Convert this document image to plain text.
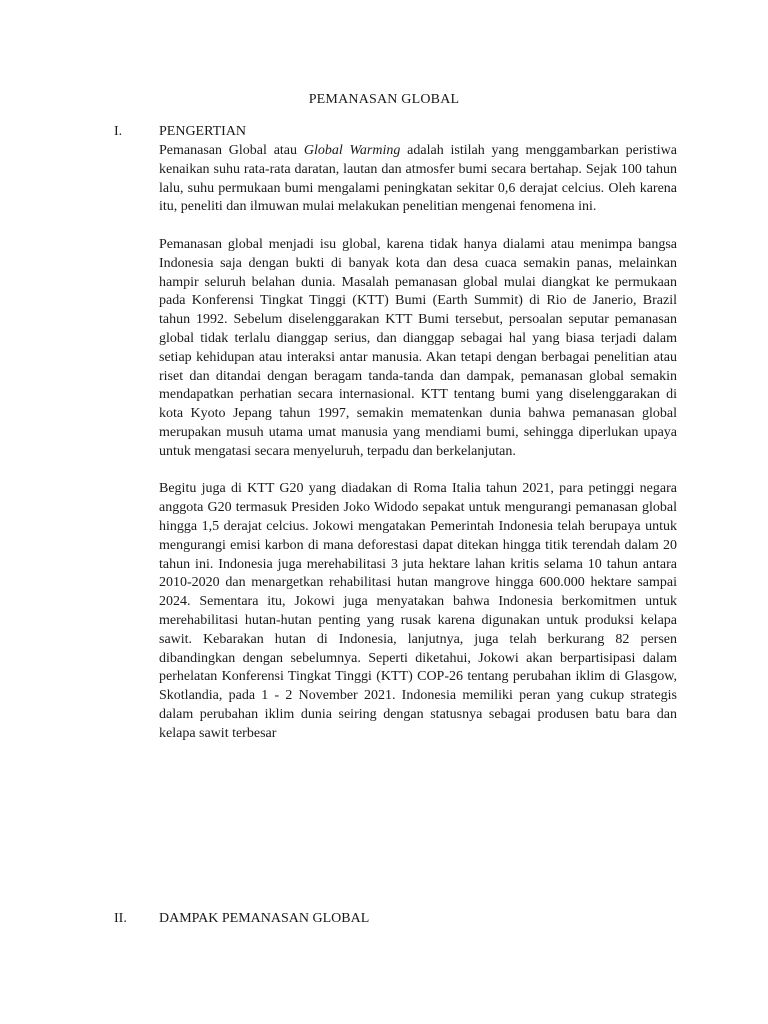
PEMANASAN GLOBAL
I.	PENGERTIAN

Pemanasan Global atau Global Warming adalah istilah yang menggambarkan peristiwa kenaikan suhu rata-rata daratan, lautan dan atmosfer bumi secara bertahap. Sejak 100 tahun lalu, suhu permukaan bumi mengalami peningkatan sekitar 0,6 derajat celcius. Oleh karena itu, peneliti dan ilmuwan mulai melakukan penelitian mengenai fenomena ini.

Pemanasan global menjadi isu global, karena tidak hanya dialami atau menimpa bangsa Indonesia saja dengan bukti di banyak kota dan desa cuaca semakin panas, melainkan hampir seluruh belahan dunia. Masalah pemanasan global mulai diangkat ke permukaan pada Konferensi Tingkat Tinggi (KTT) Bumi (Earth Summit) di Rio de Janerio, Brazil tahun 1992. Sebelum diselenggarakan KTT Bumi tersebut, persoalan seputar pemanasan global tidak terlalu dianggap serius, dan dianggap sebagai hal yang biasa terjadi dalam setiap kehidupan atau interaksi antar manusia. Akan tetapi dengan berbagai penelitian atau riset dan ditandai dengan beragam tanda-tanda dan dampak, pemanasan global semakin mendapatkan perhatian secara internasional. KTT tentang bumi yang diselenggarakan di kota Kyoto Jepang tahun 1997, semakin mematenkan dunia bahwa pemanasan global merupakan musuh utama umat manusia yang mendiami bumi, sehingga diperlukan upaya untuk mengatasi secara menyeluruh, terpadu dan berkelanjutan.

Begitu juga di KTT G20 yang diadakan di Roma Italia tahun 2021, para petinggi negara anggota G20 termasuk Presiden Joko Widodo sepakat untuk mengurangi pemanasan global hingga 1,5 derajat celcius. Jokowi mengatakan Pemerintah Indonesia telah berupaya untuk mengurangi emisi karbon di mana deforestasi dapat ditekan hingga titik terendah dalam 20 tahun ini. Indonesia juga merehabilitasi 3 juta hektare lahan kritis selama 10 tahun antara 2010-2020 dan menargetkan rehabilitasi hutan mangrove hingga 600.000 hektare sampai 2024. Sementara itu, Jokowi juga menyatakan bahwa Indonesia berkomitmen untuk merehabilitasi hutan-hutan penting yang rusak karena digunakan untuk produksi kelapa sawit. Kebarakan hutan di Indonesia, lanjutnya, juga telah berkurang 82 persen dibandingkan dengan sebelumnya. Seperti diketahui, Jokowi akan berpartisipasi dalam perhelatan Konferensi Tingkat Tinggi (KTT) COP-26 tentang perubahan iklim di Glasgow, Skotlandia, pada 1 - 2 November 2021. Indonesia memiliki peran yang cukup strategis dalam perubahan iklim dunia seiring dengan statusnya sebagai produsen batu bara dan kelapa sawit terbesar

II. DAMPAK PEMANASAN GLOBAL
